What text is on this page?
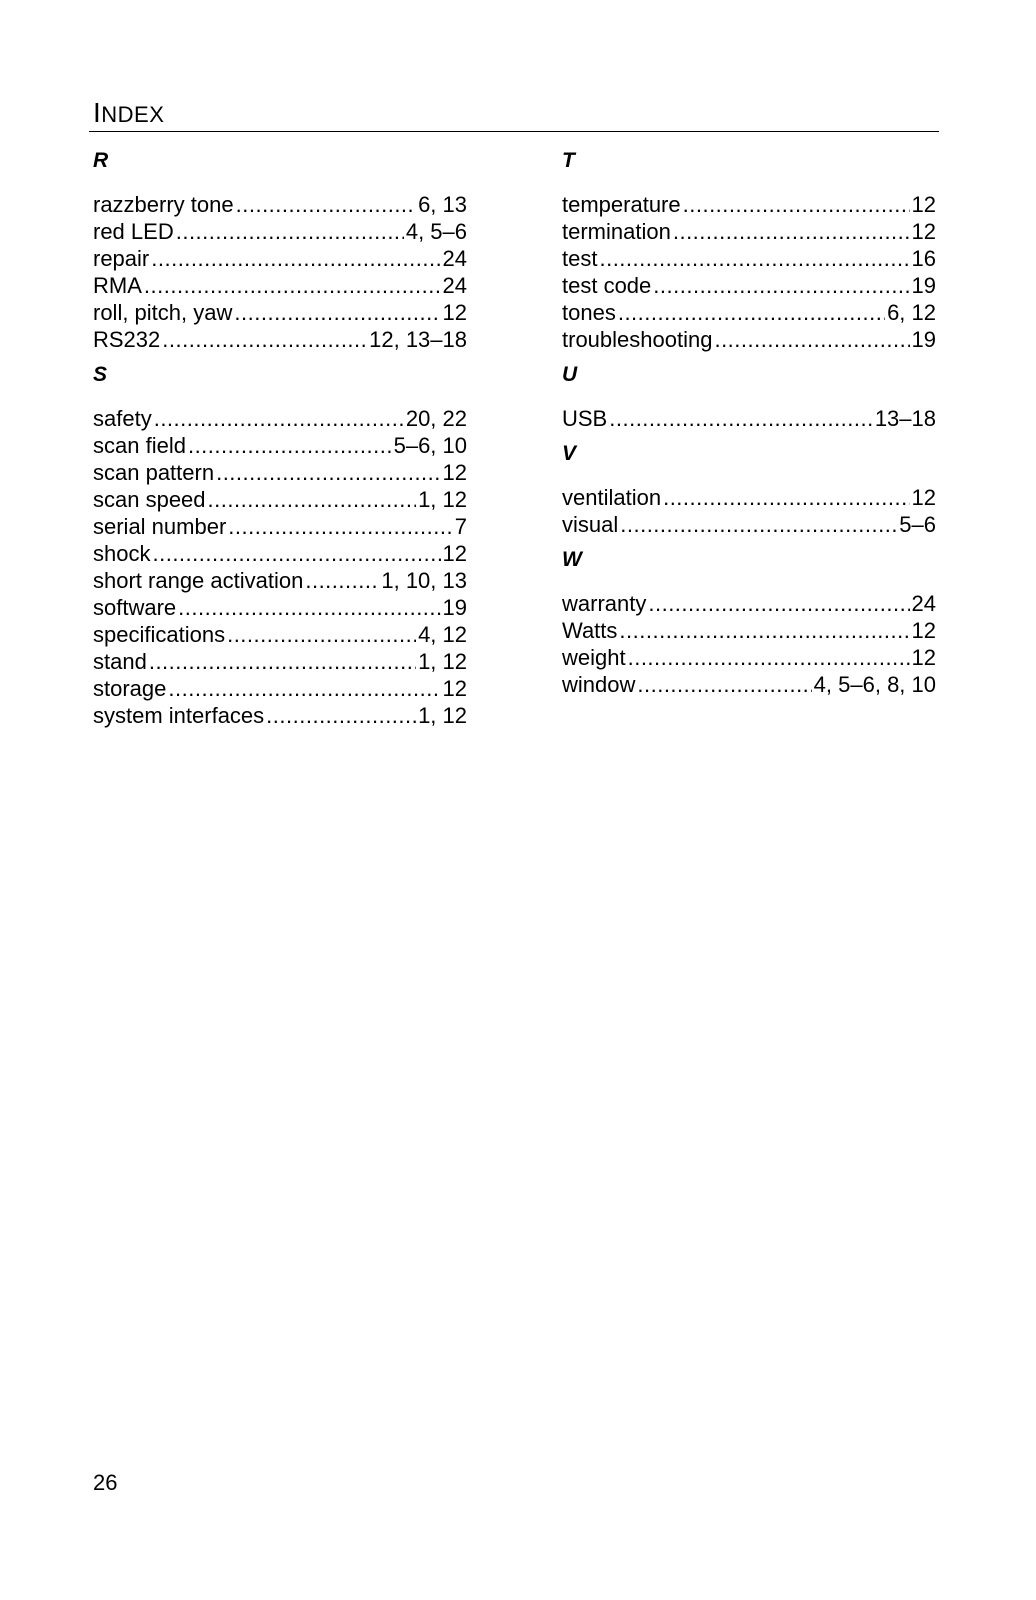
INDEX
R
razzberry tone .....	6, 13
red LED .....	4, 5–6
repair .....	24
RMA .....	24
roll, pitch, yaw .....	12
RS232 .....	12, 13–18
S
safety .....	20, 22
scan field .....	5–6, 10
scan pattern .....	12
scan speed .....	1, 12
serial number .....	7
shock .....	12
short range activation .....	1, 10, 13
software .....	19
specifications .....	4, 12
stand .....	1, 12
storage .....	12
system interfaces .....	1, 12
T
temperature .....	12
termination .....	12
test .....	16
test code .....	19
tones .....	6, 12
troubleshooting .....	19
U
USB .....	13–18
V
ventilation .....	12
visual .....	5–6
W
warranty .....	24
Watts .....	12
weight .....	12
window .....	4, 5–6, 8, 10
26
